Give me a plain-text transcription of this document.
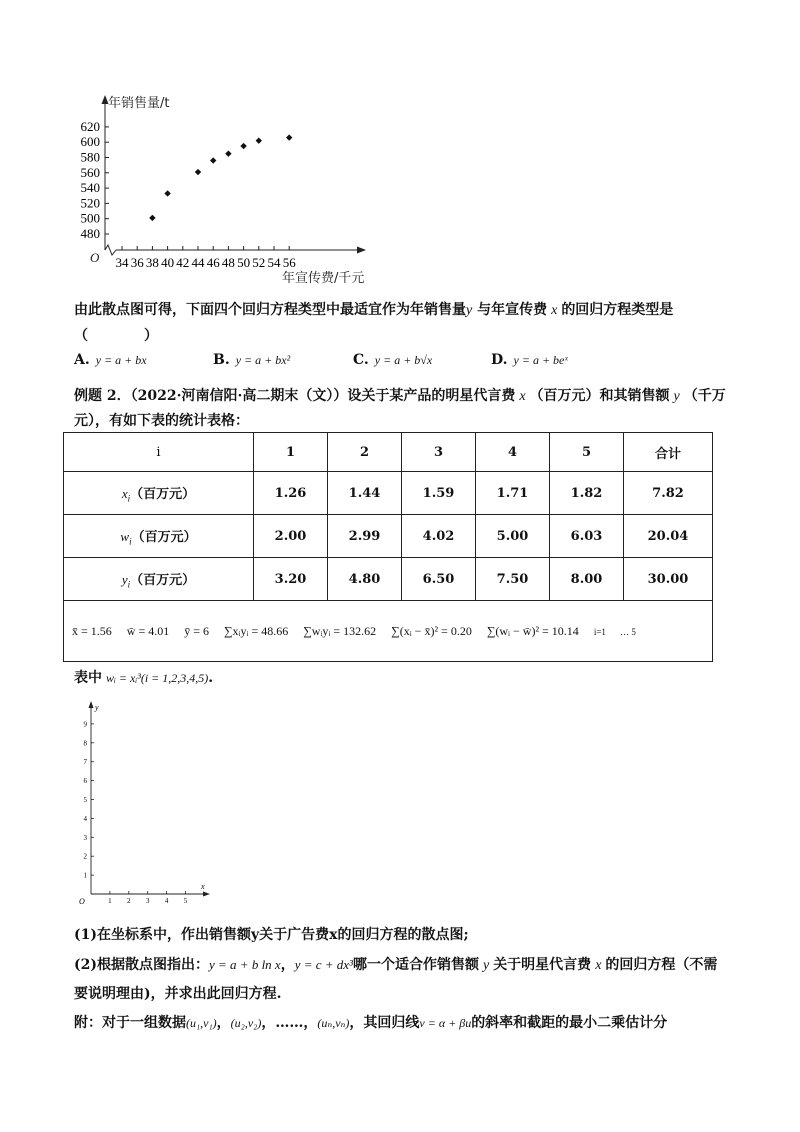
年销售量/t
年宣传费/千元
O
620
600
580
560
540
520
500
480
34 36 38 40 42 44 46 48 50 52 54 56
由此散点图可得，下面四个回归方程类型中最适宜作为年销售量y 与年宣传费 x 的回归方程类型是
（　　　　）
A. y = a + bx	B. y = a + bx²	C. y = a + b√x	D. y = a + beˣ
例题 2．（2022·河南信阳·高二期末（文））设关于某产品的明星代言费 x （百万元）和其销售额 y （千万
元），有如下表的统计表格：
i	1	2	3	4	5	合计
$x_i$（百万元）	1.26	1.44	1.59	1.71	1.82	7.82
$w_i$（百万元）	2.00	2.99	4.02	5.00	6.03	20.04
$y_i$（百万元）	3.20	4.80	6.50	7.50	8.00	30.00
x̄ = 1.56 w̄ = 4.01 ȳ = 6 ∑xᵢyᵢ = 48.66 ∑wᵢyᵢ = 132.62 ∑(xᵢ − x̄)² = 0.20 ∑(wᵢ − w̄)² = 10.14 i=1 … 5						
表中 wᵢ = xᵢ³(i = 1,2,3,4,5).
y
x
O
9
8
7
6
5
4
3
2
1
1 2 3 4 5
(1)在坐标系中，作出销售额y关于广告费x的回归方程的散点图;
(2)根据散点图指出：y = a + b ln x，y = c + dx³哪一个适合作销售额 y 关于明星代言费 x 的回归方程（不需
要说明理由)，并求出此回归方程.
附：对于一组数据(u₁,v₁)，(u₂,v₂)，……，(uₙ,vₙ)，其回归线v = α + βu的斜率和截距的最小二乘估计分
